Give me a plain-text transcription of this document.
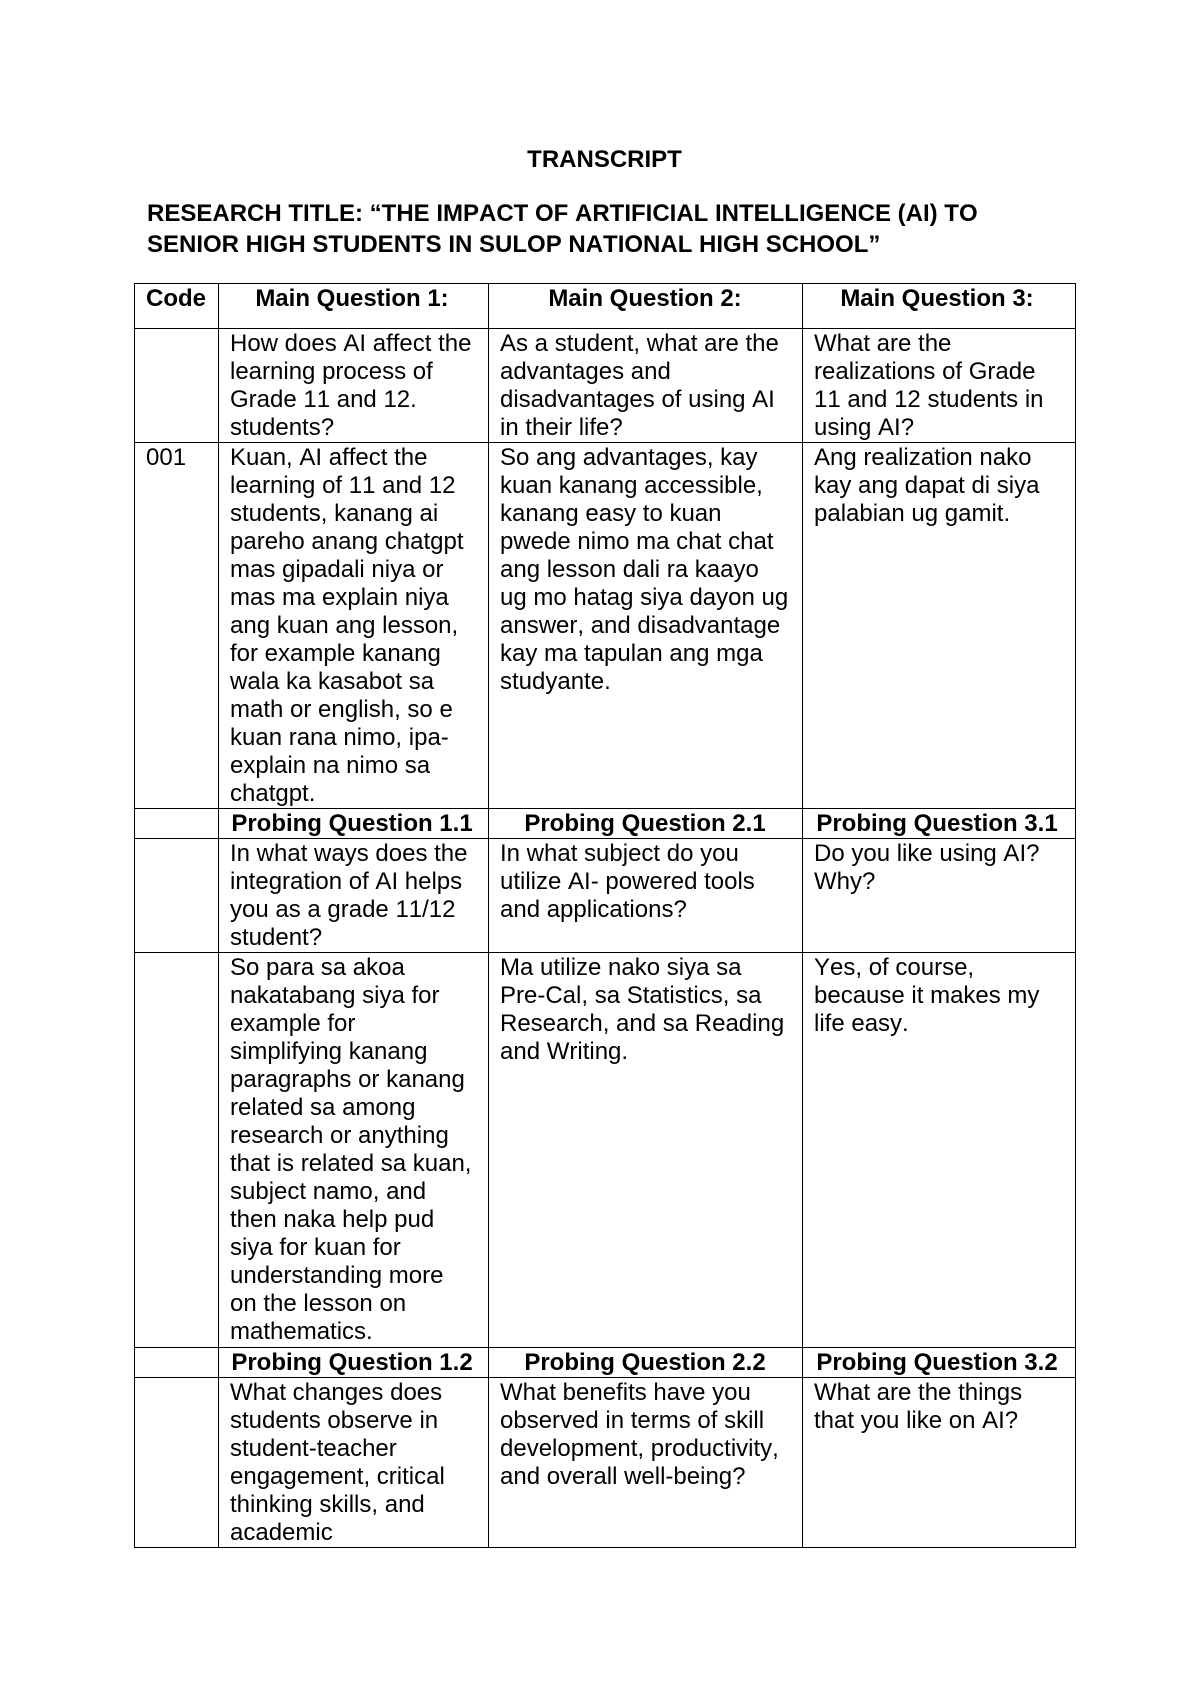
TRANSCRIPT
RESEARCH TITLE: “THE IMPACT OF ARTIFICIAL INTELLIGENCE (AI) TO SENIOR HIGH STUDENTS IN SULOP NATIONAL HIGH SCHOOL”
Code	Main Question 1:	Main Question 2:	Main Question 3:

	How does AI affect the learning process of Grade 11 and 12. students?	As a student, what are the advantages and disadvantages of using AI in their life?	What are the realizations of Grade 11 and 12 students in using AI?

001	Kuan, AI affect the learning of 11 and 12 students, kanang ai pareho anang chatgpt mas gipadali niya or mas ma explain niya ang kuan ang lesson, for example kanang wala ka kasabot sa math or english, so e kuan rana nimo, ipa-explain na nimo sa chatgpt.	So ang advantages, kay kuan kanang accessible, kanang easy to kuan pwede nimo ma chat chat ang lesson dali ra kaayo ug mo hatag siya dayon ug answer, and disadvantage kay ma tapulan ang mga studyante.	Ang realization nako kay ang dapat di siya palabian ug gamit.

	Probing Question 1.1	Probing Question 2.1	Probing Question 3.1

	In what ways does the integration of AI helps you as a grade 11/12 student?	In what subject do you utilize AI- powered tools and applications?	Do you like using AI? Why?

	So para sa akoa nakatabang siya for example for simplifying kanang paragraphs or kanang related sa among research or anything that is related sa kuan, subject namo, and then naka help pud siya for kuan for understanding more on the lesson on mathematics.	Ma utilize nako siya sa Pre-Cal, sa Statistics, sa Research, and sa Reading and Writing.	Yes, of course, because it makes my life easy.

	Probing Question 1.2	Probing Question 2.2	Probing Question 3.2

	What changes does students observe in student-teacher engagement, critical thinking skills, and academic	What benefits have you observed in terms of skill development, productivity, and overall well-being?	What are the things that you like on AI?
